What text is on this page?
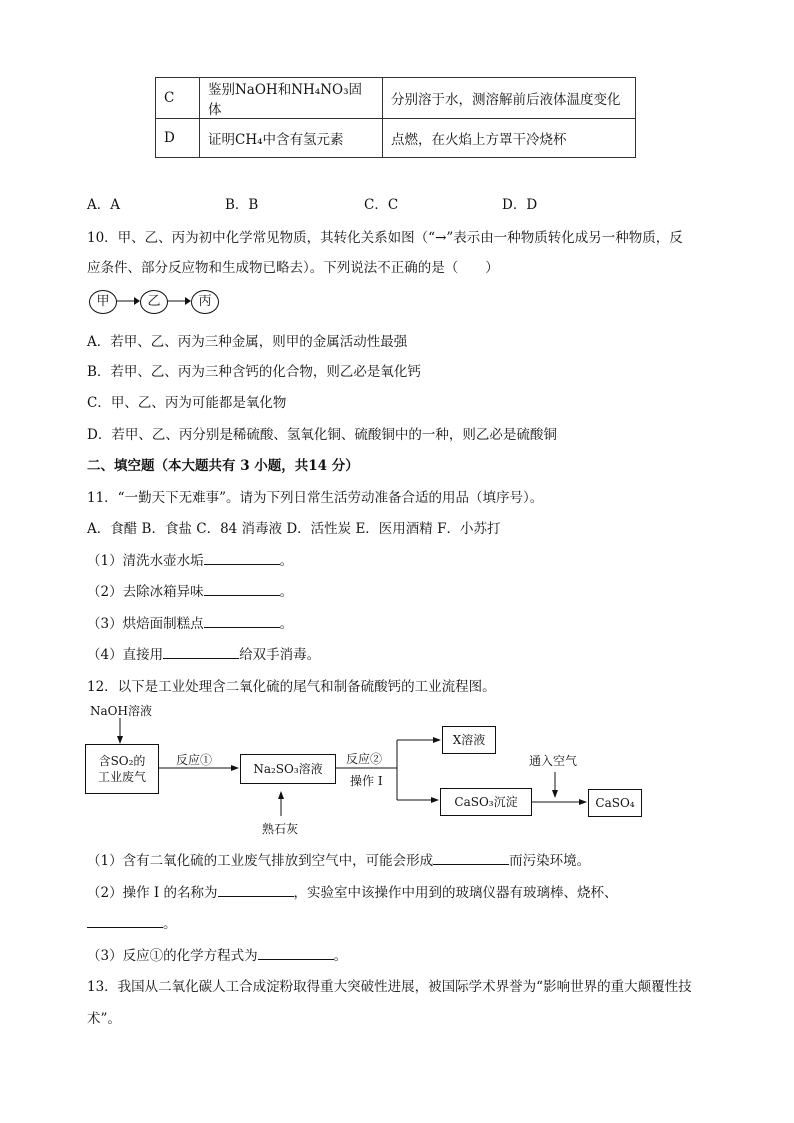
C	鉴别NaOH和NH₄NO₃固体	分别溶于水，测溶解前后液体温度变化
D	证明CH₄中含有氢元素	点燃，在火焰上方罩干冷烧杯
A．A	B．B	C．C	D．D
10．甲、乙、丙为初中化学常见物质，其转化关系如图（“→”表示由一种物质转化成另一种物质，反
应条件、部分反应物和生成物已略去）。下列说法不正确的是（　　）
甲	乙	丙
A．若甲、乙、丙为三种金属，则甲的金属活动性最强
B．若甲、乙、丙为三种含钙的化合物，则乙必是氧化钙
C．甲、乙、丙为可能都是氧化物
D．若甲、乙、丙分别是稀硫酸、氢氧化铜、硫酸铜中的一种，则乙必是硫酸铜
二、填空题（本大题共有 3 小题，共14 分）
11．“一勤天下无难事”。请为下列日常生活劳动准备合适的用品（填序号）。
A．食醋 B．食盐 C．84 消毒液 D．活性炭 E．医用酒精 F．小苏打
（1）清洗水壶水垢	。
（2）去除冰箱异味	。
（3）烘焙面制糕点	。
（4）直接用	给双手消毒。
12．以下是工业处理含二氧化硫的尾气和制备硫酸钙的工业流程图。
NaOH溶液
含SO₂的
工业废气
反应①
Na₂SO₃溶液
熟石灰
反应②
操作 I
X溶液
CaSO₃沉淀
通入空气
CaSO₄
（1）含有二氧化硫的工业废气排放到空气中，可能会形成	而污染环境。
（2）操作 I 的名称为	，实验室中该操作中用到的玻璃仪器有玻璃棒、烧杯、
。
（3）反应①的化学方程式为	。
13．我国从二氧化碳人工合成淀粉取得重大突破性进展，被国际学术界誉为“影响世界的重大颠覆性技
术”。
